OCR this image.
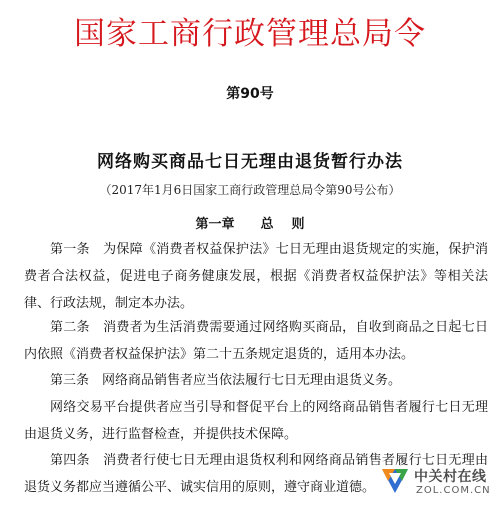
国家工商行政管理总局令
第90号
网络购买商品七日无理由退货暂行办法
（2017年1月6日国家工商行政管理总局令第90号公布）
第一章 总    则
第一条　为保障《消费者权益保护法》七日无理由退货规定的实施，保护消费者合法权益，促进电子商务健康发展，根据《消费者权益保护法》等相关法律、行政法规，制定本办法。
第二条　消费者为生活消费需要通过网络购买商品，自收到商品之日起七日内依照《消费者权益保护法》第二十五条规定退货的，适用本办法。
第三条　网络商品销售者应当依法履行七日无理由退货义务。
网络交易平台提供者应当引导和督促平台上的网络商品销售者履行七日无理由退货义务，进行监督检查，并提供技术保障。
第四条　消费者行使七日无理由退货权利和网络商品销售者履行七日无理由退货义务都应当遵循公平、诚实信用的原则，遵守商业道德。
中关村在线
ZOL.COM.CN
